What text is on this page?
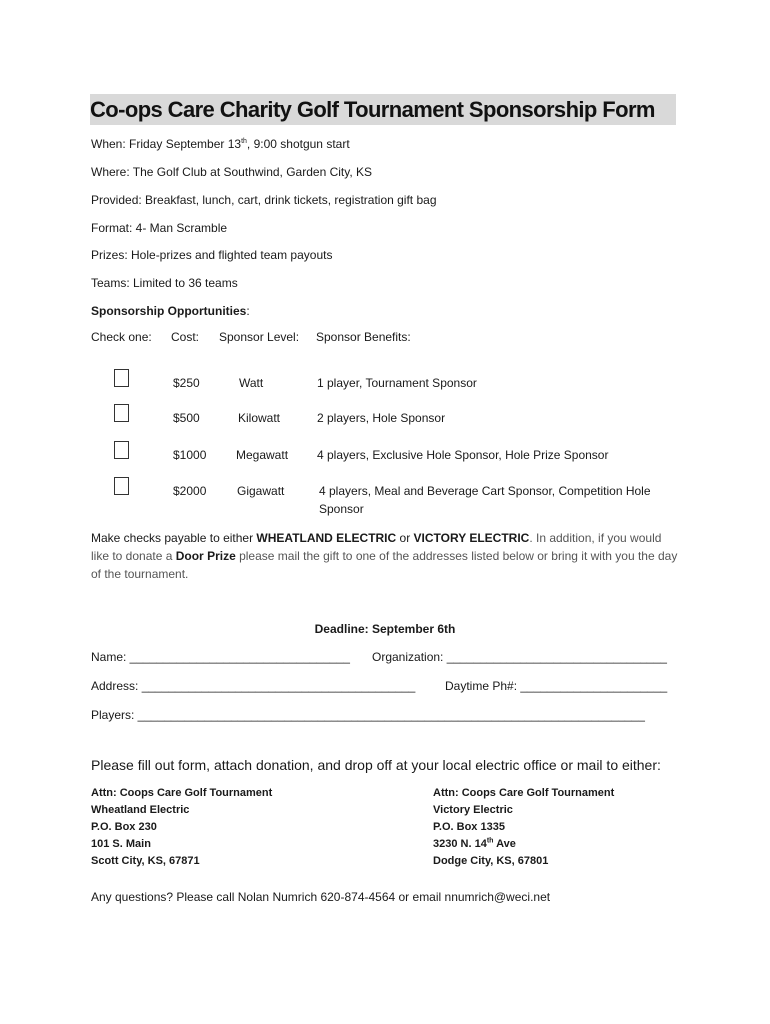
Co-ops Care Charity Golf Tournament Sponsorship Form
When: Friday September 13th, 9:00 shotgun start
Where: The Golf Club at Southwind, Garden City, KS
Provided: Breakfast, lunch, cart, drink tickets, registration gift bag
Format: 4- Man Scramble
Prizes: Hole-prizes and flighted team payouts
Teams: Limited to 36 teams
Sponsorship Opportunities:
Check one: Cost: Sponsor Level: Sponsor Benefits:
$250	Watt	1 player, Tournament Sponsor
$500	Kilowatt	2 players, Hole Sponsor
$1000 Megawatt 4 players, Exclusive Hole Sponsor, Hole Prize Sponsor
$2000	Gigawatt	4 players, Meal and Beverage Cart Sponsor, Competition Hole
Sponsor
Make checks payable to either WHEATLAND ELECTRIC or VICTORY ELECTRIC. In addition, if you would like to donate a Door Prize please mail the gift to one of the addresses listed below or bring it with you the day of the tournament.
Deadline: September 6th
Name: _________________________________ Organization: _________________________________
Address: _________________________________________ Daytime Ph#: ______________________
Players: ____________________________________________________________________________
Please fill out form, attach donation, and drop off at your local electric office or mail to either:
Attn: Coops Care Golf Tournament
Wheatland Electric
P.O. Box 230
101 S. Main
Scott City, KS, 67871
Attn: Coops Care Golf Tournament
Victory Electric
P.O. Box 1335
3230 N. 14th Ave
Dodge City, KS, 67801
Any questions? Please call Nolan Numrich 620-874-4564 or email nnumrich@weci.net
